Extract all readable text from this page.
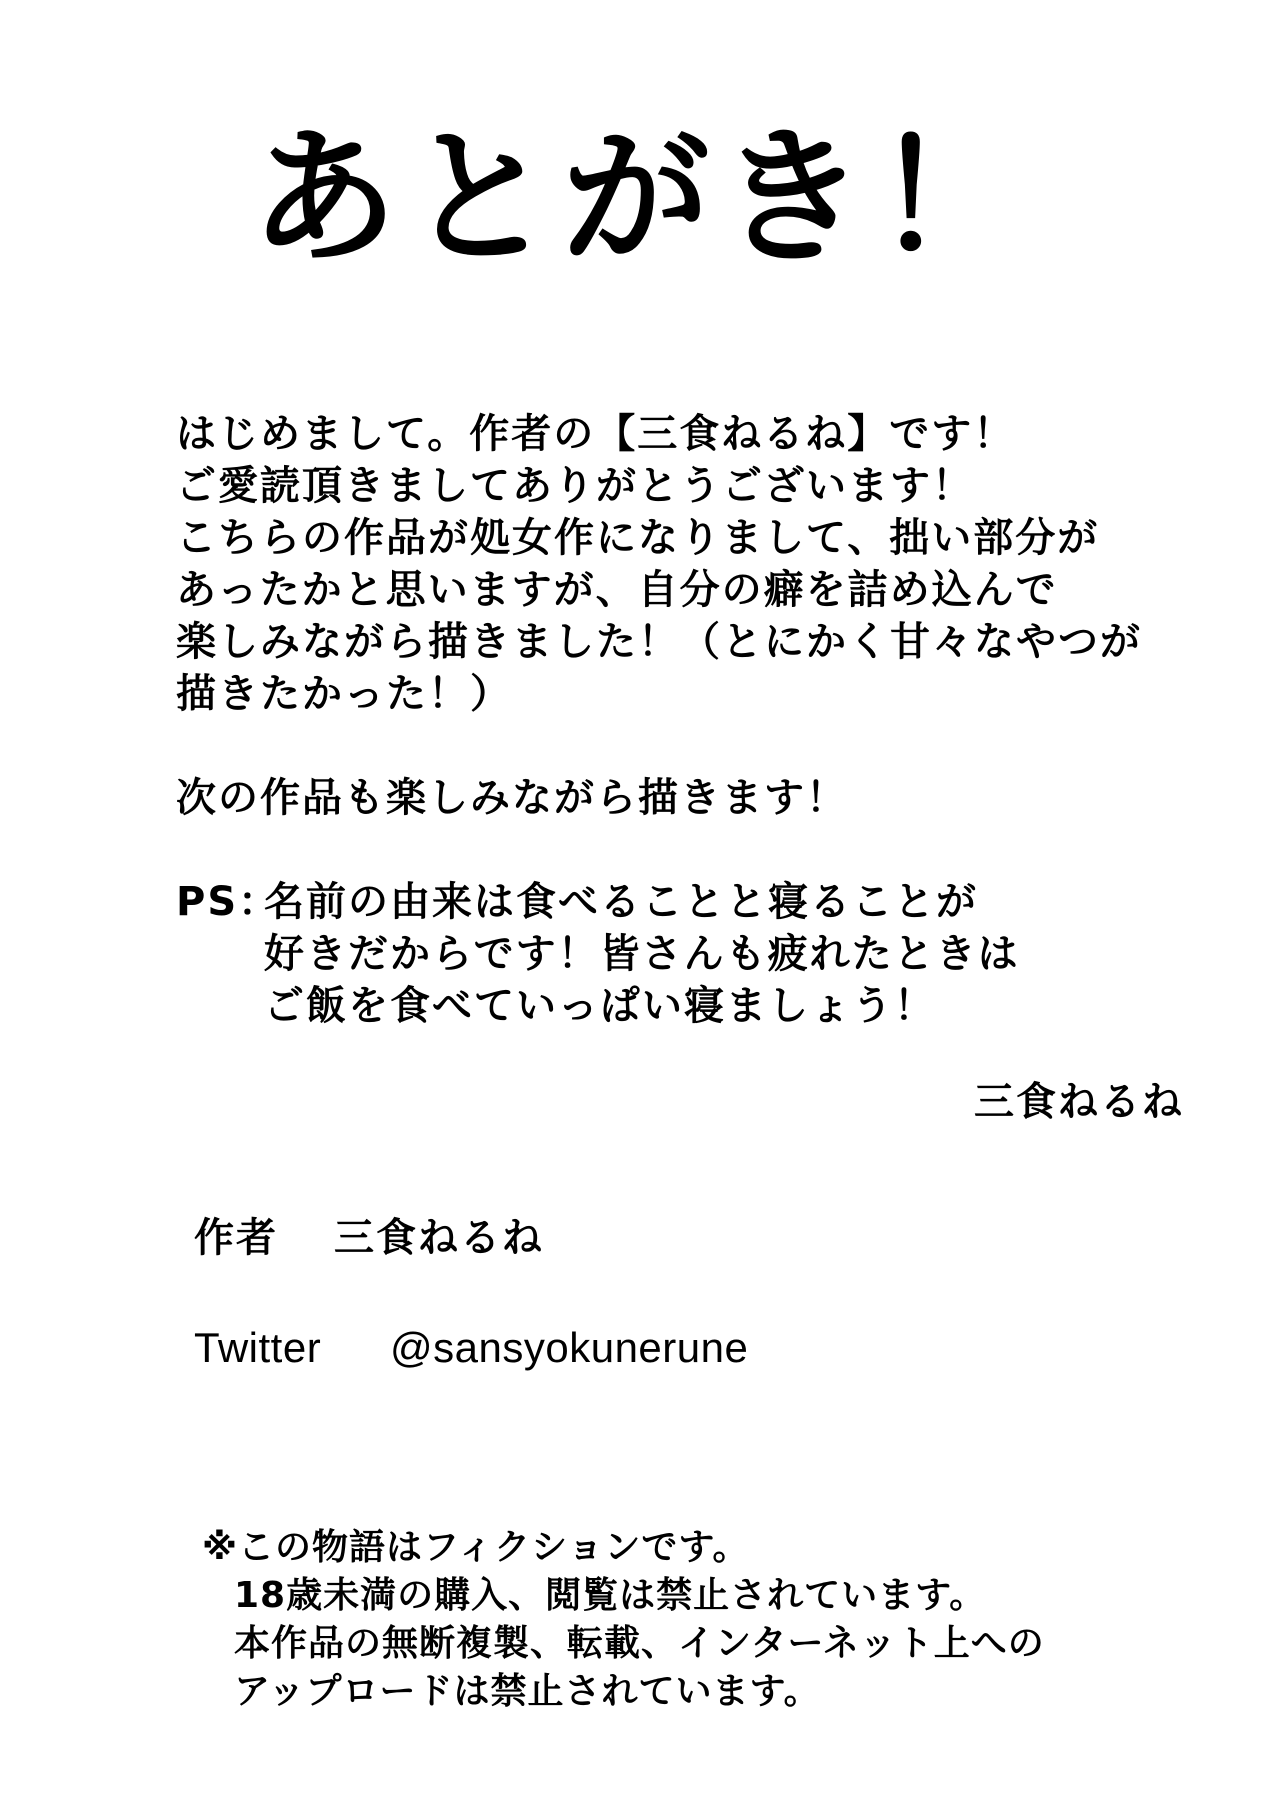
あとがき！
はじめまして。作者の【三食ねるね】です！
ご愛読頂きましてありがとうございます！
こちらの作品が処女作になりまして、拙い部分が
あったかと思いますが、自分の癖を詰め込んで
楽しみながら描きました！（とにかく甘々なやつが
描きたかった！）
次の作品も楽しみながら描きます！
PS：
名前の由来は食べることと寝ることが
好きだからです！皆さんも疲れたときは
ご飯を食べていっぱい寝ましょう！
三食ねるね
作者 三食ねるね
Twitter @sansyokunerune
※この物語はフィクションです。
18歳未満の購入、閲覧は禁止されています。
本作品の無断複製、転載、インターネット上への
アップロードは禁止されています。
